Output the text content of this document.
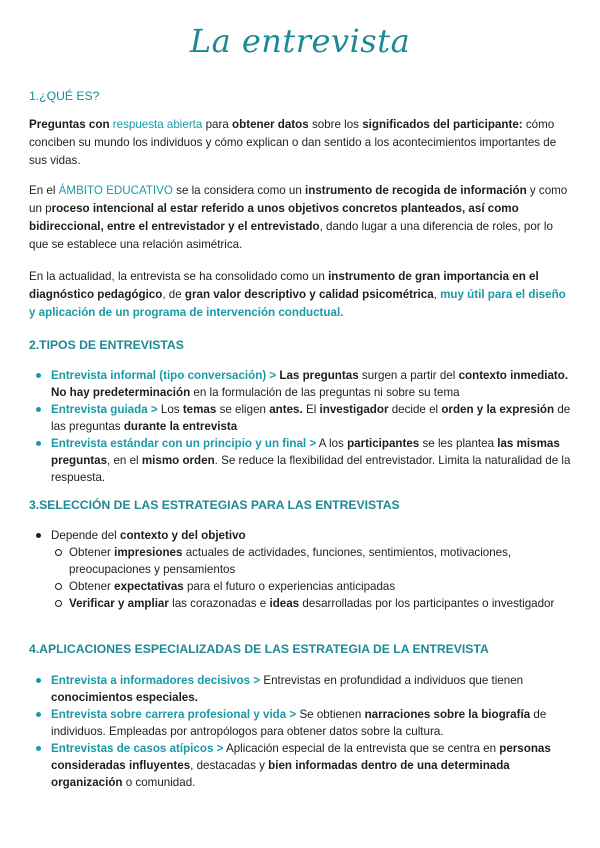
La entrevista
1.¿QUÉ ES?

Preguntas con respuesta abierta para obtener datos sobre los significados del participante: cómo conciben su mundo los individuos y cómo explican o dan sentido a los acontecimientos importantes de sus vidas.

En el ÁMBITO EDUCATIVO se la considera como un instrumento de recogida de información y como un proceso intencional al estar referido a unos objetivos concretos planteados, así como bidireccional, entre el entrevistador y el entrevistado, dando lugar a una diferencia de roles, por lo que se establece una relación asimétrica.

En la actualidad, la entrevista se ha consolidado como un instrumento de gran importancia en el diagnóstico pedagógico, de gran valor descriptivo y calidad psicométrica, muy útil para el diseño y aplicación de un programa de intervención conductual.

2.TIPOS DE ENTREVISTAS
Entrevista informal (tipo conversación) > Las preguntas surgen a partir del contexto inmediato. No hay predeterminación en la formulación de las preguntas ni sobre su tema
Entrevista guiada > Los temas se eligen antes. El investigador decide el orden y la expresión de las preguntas durante la entrevista
Entrevista estándar con un principio y un final > A los participantes se les plantea las mismas preguntas, en el mismo orden. Se reduce la flexibilidad del entrevistador. Limita la naturalidad de la respuesta.
3.SELECCIÓN DE LAS ESTRATEGIAS PARA LAS ENTREVISTAS
Depende del contexto y del objetivo
Obtener impresiones actuales de actividades, funciones, sentimientos, motivaciones, preocupaciones y pensamientos
Obtener expectativas para el futuro o experiencias anticipadas
Verificar y ampliar las corazonadas e ideas desarrolladas por los participantes o investigador
4.APLICACIONES ESPECIALIZADAS DE LAS ESTRATEGIA DE LA ENTREVISTA
Entrevista a informadores decisivos > Entrevistas en profundidad a individuos que tienen conocimientos especiales.
Entrevista sobre carrera profesional y vida > Se obtienen narraciones sobre la biografía de individuos. Empleadas por antropólogos para obtener datos sobre la cultura.
Entrevistas de casos atípicos > Aplicación especial de la entrevista que se centra en personas consideradas influyentes, destacadas y bien informadas dentro de una determinada organización o comunidad.
